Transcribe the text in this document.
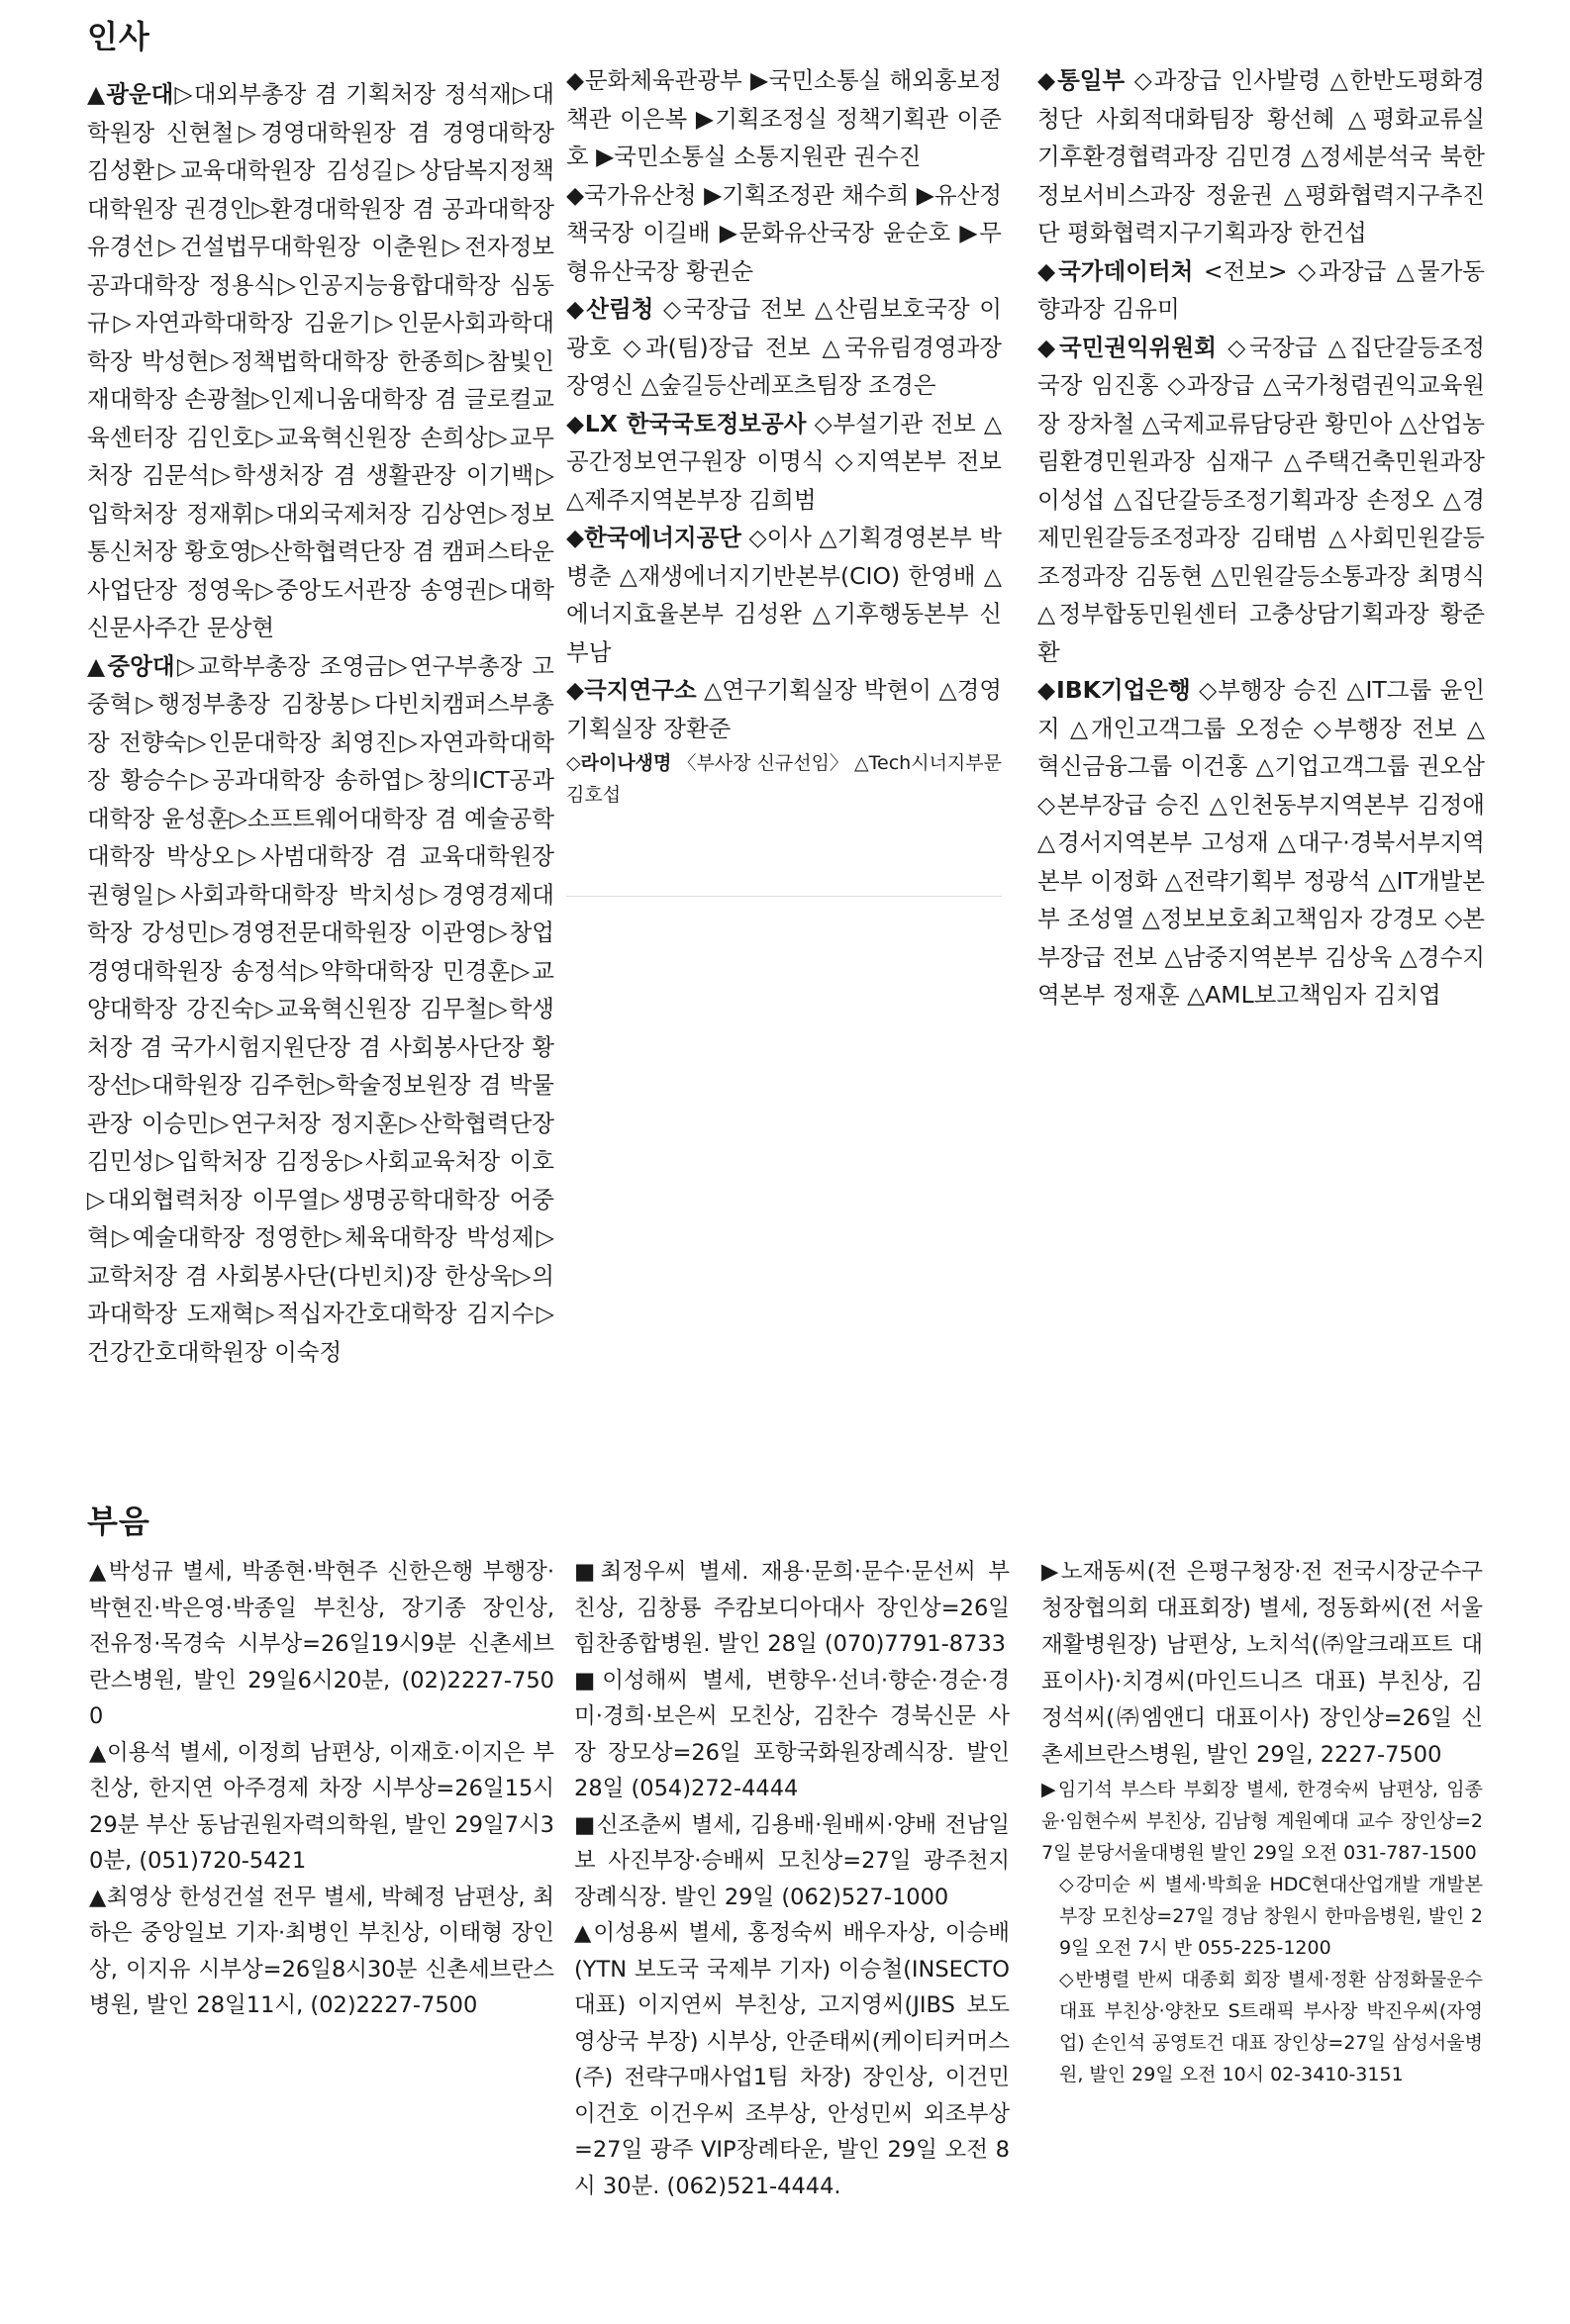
인사

▲광운대▷대외부총장 겸 기획처장 정석재▷대학원장 신현철▷경영대학원장 겸 경영대학장 김성환▷교육대학원장 김성길▷상담복지정책대학원장 권경인▷환경대학원장 겸 공과대학장 유경선▷건설법무대학원장 이춘원▷전자정보공과대학장 정용식▷인공지능융합대학장 심동규▷자연과학대학장 김윤기▷인문사회과학대학장 박성현▷정책법학대학장 한종희▷참빛인재대학장 손광철▷인제니움대학장 겸 글로컬교육센터장 김인호▷교육혁신원장 손희상▷교무처장 김문석▷학생처장 겸 생활관장 이기백▷입학처장 정재휘▷대외국제처장 김상연▷정보통신처장 황호영▷산학협력단장 겸 캠퍼스타운사업단장 정영욱▷중앙도서관장 송영권▷대학신문사주간 문상현

▲중앙대▷교학부총장 조영금▷연구부총장 고중혁▷행정부총장 김창봉▷다빈치캠퍼스부총장 전향숙▷인문대학장 최영진▷자연과학대학장 황승수▷공과대학장 송하엽▷창의ICT공과대학장 윤성훈▷소프트웨어대학장 겸 예술공학대학장 박상오▷사범대학장 겸 교육대학원장 권형일▷사회과학대학장 박치성▷경영경제대학장 강성민▷경영전문대학원장 이관영▷창업경영대학원장 송정석▷약학대학장 민경훈▷교양대학장 강진숙▷교육혁신원장 김무철▷학생처장 겸 국가시험지원단장 겸 사회봉사단장 황장선▷대학원장 김주헌▷학술정보원장 겸 박물관장 이승민▷연구처장 정지훈▷산학협력단장 김민성▷입학처장 김정웅▷사회교육처장 이호▷대외협력처장 이무열▷생명공학대학장 어중혁▷예술대학장 정영한▷체육대학장 박성제▷교학처장 겸 사회봉사단(다빈치)장 한상욱▷의과대학장 도재혁▷적십자간호대학장 김지수▷건강간호대학원장 이숙정

◆문화체육관광부 ▶국민소통실 해외홍보정책관 이은복 ▶기획조정실 정책기획관 이준호 ▶국민소통실 소통지원관 권수진

◆국가유산청 ▶기획조정관 채수희 ▶유산정책국장 이길배 ▶문화유산국장 윤순호 ▶무형유산국장 황권순

◆산림청 ◇국장급 전보 △산림보호국장 이광호 ◇과(팀)장급 전보 △국유림경영과장 장영신 △숲길등산레포츠팀장 조경은

◆LX 한국국토정보공사 ◇부설기관 전보 △공간정보연구원장 이명식 ◇지역본부 전보 △제주지역본부장 김희범

◆한국에너지공단 ◇이사 △기획경영본부 박병춘 △재생에너지기반본부(CIO) 한영배 △에너지효율본부 김성완 △기후행동본부 신부남

◆극지연구소 △연구기획실장 박현이 △경영기획실장 장환준

◇라이나생명 〈부사장 신규선임〉 △Tech시너지부문 김호섭

◆통일부 ◇과장급 인사발령 △한반도평화경청단 사회적대화팀장 황선혜 △평화교류실 기후환경협력과장 김민경 △정세분석국 북한정보서비스과장 정윤권 △평화협력지구추진단 평화협력지구기획과장 한건섭

◆국가데이터처 <전보> ◇과장급 △물가동향과장 김유미

◆국민권익위원회 ◇국장급 △집단갈등조정국장 임진홍 ◇과장급 △국가청렴권익교육원장 장차철 △국제교류담당관 황민아 △산업농림환경민원과장 심재구 △주택건축민원과장 이성섭 △집단갈등조정기획과장 손정오 △경제민원갈등조정과장 김태범 △사회민원갈등조정과장 김동현 △민원갈등소통과장 최명식 △정부합동민원센터 고충상담기획과장 황준환

◆IBK기업은행 ◇부행장 승진 △IT그룹 윤인지 △개인고객그룹 오정순 ◇부행장 전보 △혁신금융그룹 이건홍 △기업고객그룹 권오삼 ◇본부장급 승진 △인천동부지역본부 김정애 △경서지역본부 고성재 △대구·경북서부지역본부 이정화 △전략기획부 정광석 △IT개발본부 조성열 △정보보호최고책임자 강경모 ◇본부장급 전보 △남중지역본부 김상욱 △경수지역본부 정재훈 △AML보고책임자 김치엽

부음

▲박성규 별세, 박종현·박현주 신한은행 부행장·박현진·박은영·박종일 부친상, 장기종 장인상, 전유정·목경숙 시부상=26일19시9분 신촌세브란스병원, 발인 29일6시20분, (02)2227-7500

▲이용석 별세, 이정희 남편상, 이재호·이지은 부친상, 한지연 아주경제 차장 시부상=26일15시29분 부산 동남권원자력의학원, 발인 29일7시30분, (051)720-5421

▲최영상 한성건설 전무 별세, 박혜정 남편상, 최하은 중앙일보 기자·최병인 부친상, 이태형 장인상, 이지유 시부상=26일8시30분 신촌세브란스병원, 발인 28일11시, (02)2227-7500

■최정우씨 별세. 재용·문희·문수·문선씨 부친상, 김창룡 주캄보디아대사 장인상=26일 힘찬종합병원. 발인 28일 (070)7791-8733

■이성해씨 별세, 변향우·선녀·향순·경순·경미·경희·보은씨 모친상, 김찬수 경북신문 사장 장모상=26일 포항국화원장례식장. 발인 28일 (054)272-4444

■신조춘씨 별세, 김용배·원배씨·양배 전남일보 사진부장·승배씨 모친상=27일 광주천지장례식장. 발인 29일 (062)527-1000

▲이성용씨 별세, 홍정숙씨 배우자상, 이승배(YTN 보도국 국제부 기자) 이승철(INSECTO 대표) 이지연씨 부친상, 고지영씨(JIBS 보도영상국 부장) 시부상, 안준태씨(케이티커머스(주) 전략구매사업1팀 차장) 장인상, 이건민 이건호 이건우씨 조부상, 안성민씨 외조부상=27일 광주 VIP장례타운, 발인 29일 오전 8시 30분. (062)521-4444.

▶노재동씨(전 은평구청장·전 전국시장군수구청장협의회 대표회장) 별세, 정동화씨(전 서울재활병원장) 남편상, 노치석(㈜알크래프트 대표이사)·치경씨(마인드니즈 대표) 부친상, 김정석씨(㈜엠앤디 대표이사) 장인상=26일 신촌세브란스병원, 발인 29일, 2227-7500

▶임기석 부스타 부회장 별세, 한경숙씨 남편상, 임종윤·임현수씨 부친상, 김남형 계원예대 교수 장인상=27일 분당서울대병원 발인 29일 오전 031-787-1500

◇강미순 씨 별세·박희윤 HDC현대산업개발 개발본부장 모친상=27일 경남 창원시 한마음병원, 발인 29일 오전 7시 반 055-225-1200

◇반병렬 반씨 대종회 회장 별세·정환 삼정화물운수 대표 부친상·양찬모 S트래픽 부사장 박진우씨(자영업) 손인석 공영토건 대표 장인상=27일 삼성서울병원, 발인 29일 오전 10시 02-3410-3151
